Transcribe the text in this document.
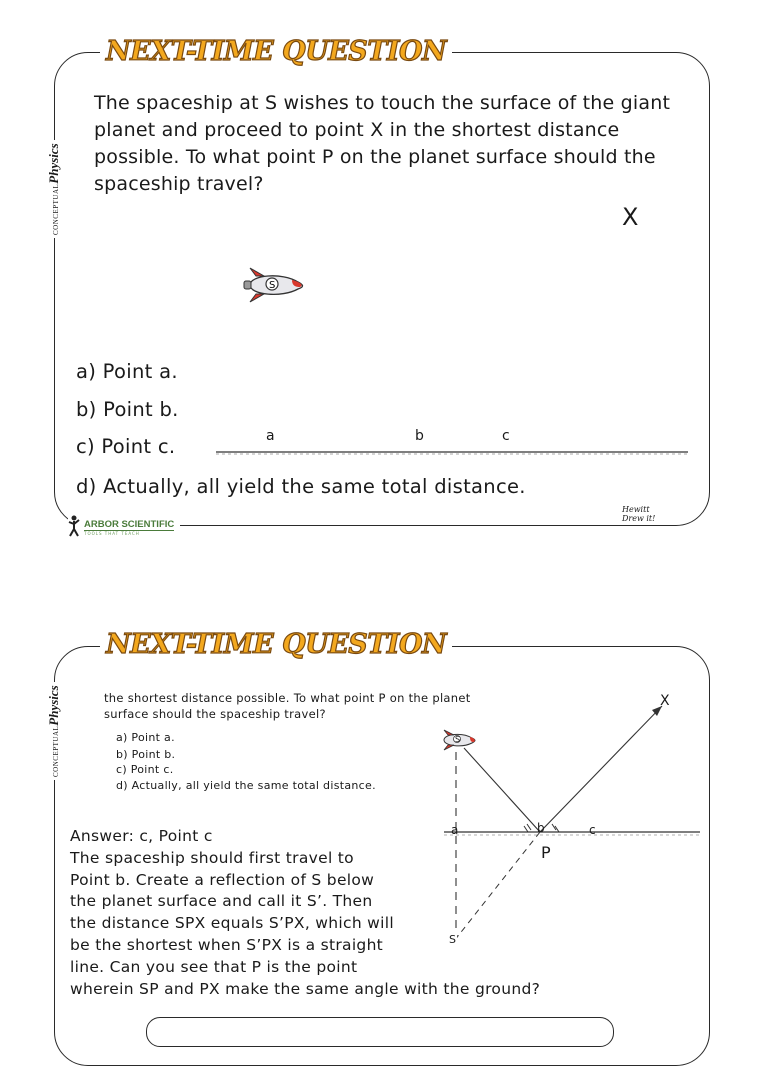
NEXT-TIME QUESTION
CONCEPTUALPhysics
The spaceship at S wishes to touch the surface of the giant planet and proceed to point X in the shortest distance possible. To what point P on the planet surface should the spaceship travel?
X
S
a) Point a.
b) Point b.
c) Point c.
d) Actually, all yield the same total distance.
a	b	c
ARBOR SCIENTIFIC
TOOLS THAT TEACH
Hewitt
Drew it!
NEXT-TIME QUESTION
CONCEPTUALPhysics	the shortest distance possible. To what point P on the planet surface should the spaceship travel?
a) Point a.
b) Point b.
c) Point c.
d) Actually, all yield the same total distance.
Answer: c, Point c
The spaceship should first travel to
Point b. Create a reflection of S below
the planet surface and call it S’. Then
the distance SPX equals S’PX, which will
be the shortest when S’PX is a straight
line. Can you see that P is the point
wherein SP and PX make the same angle with the ground?
X
a	b	c
P
S
S’
